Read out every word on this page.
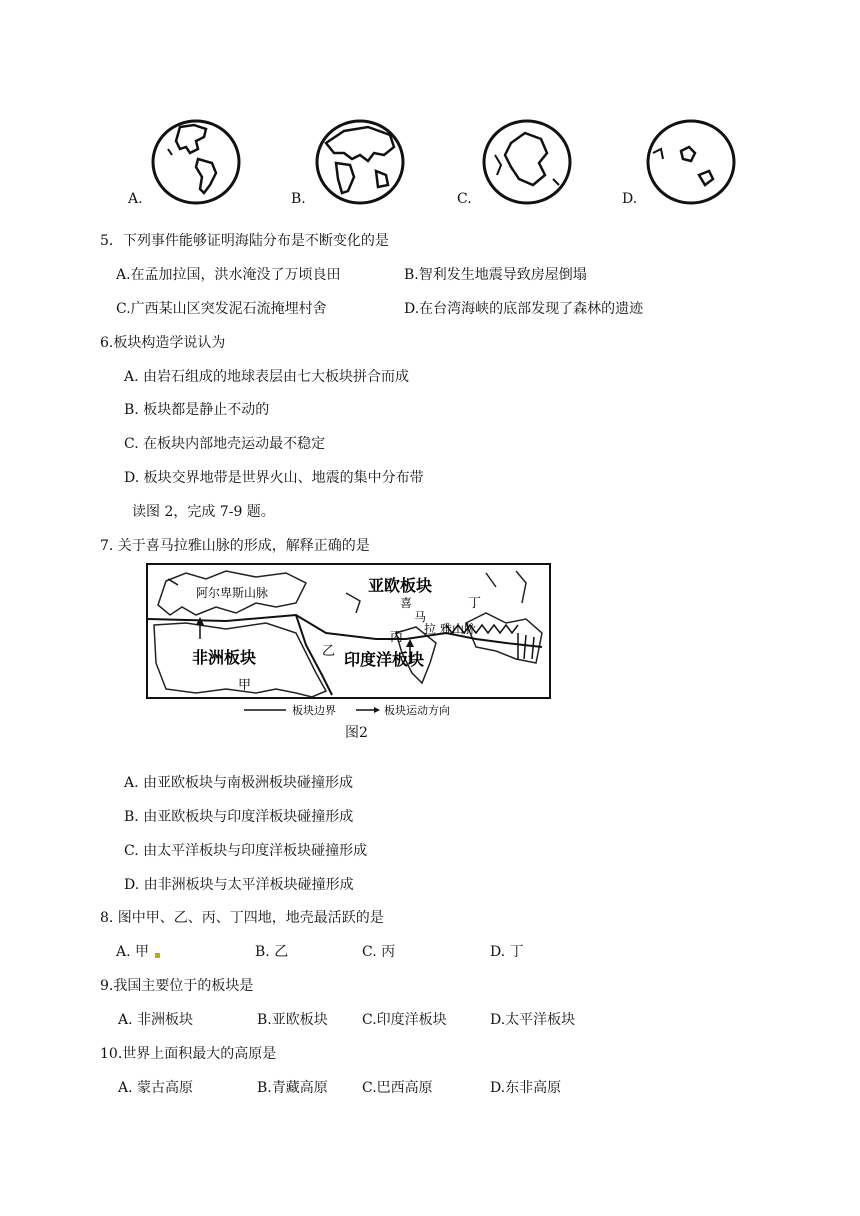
A.	B.	C.	D.
5．下列事件能够证明海陆分布是不断变化的是
A.在孟加拉国，洪水淹没了万顷良田	B.智利发生地震导致房屋倒塌
C.广西某山区突发泥石流掩埋村舍	D.在台湾海峡的底部发现了森林的遗迹
6.板块构造学说认为
A. 由岩石组成的地球表层由七大板块拼合而成
B. 板块都是静止不动的
C. 在板块内部地壳运动最不稳定
D. 板块交界地带是世界火山、地震的集中分布带
读图 2，完成 7-9 题。
7. 关于喜马拉雅山脉的形成，解释正确的是
阿尔卑斯山脉	亚欧板块
非洲板块	印度洋板块
喜
马
拉 雅山脉
甲
乙
丙
丁
板块边界	板块运动方向
图2
A. 由亚欧板块与南极洲板块碰撞形成
B. 由亚欧板块与印度洋板块碰撞形成
C. 由太平洋板块与印度洋板块碰撞形成
D. 由非洲板块与太平洋板块碰撞形成
8. 图中甲、乙、丙、丁四地，地壳最活跃的是
A. 甲	B. 乙	C. 丙	D. 丁
9.我国主要位于的板块是
A. 非洲板块	B.亚欧板块 C.印度洋板块	D.太平洋板块
10.世界上面积最大的高原是
A. 蒙古高原	B.青藏高原 C.巴西高原	D.东非高原
